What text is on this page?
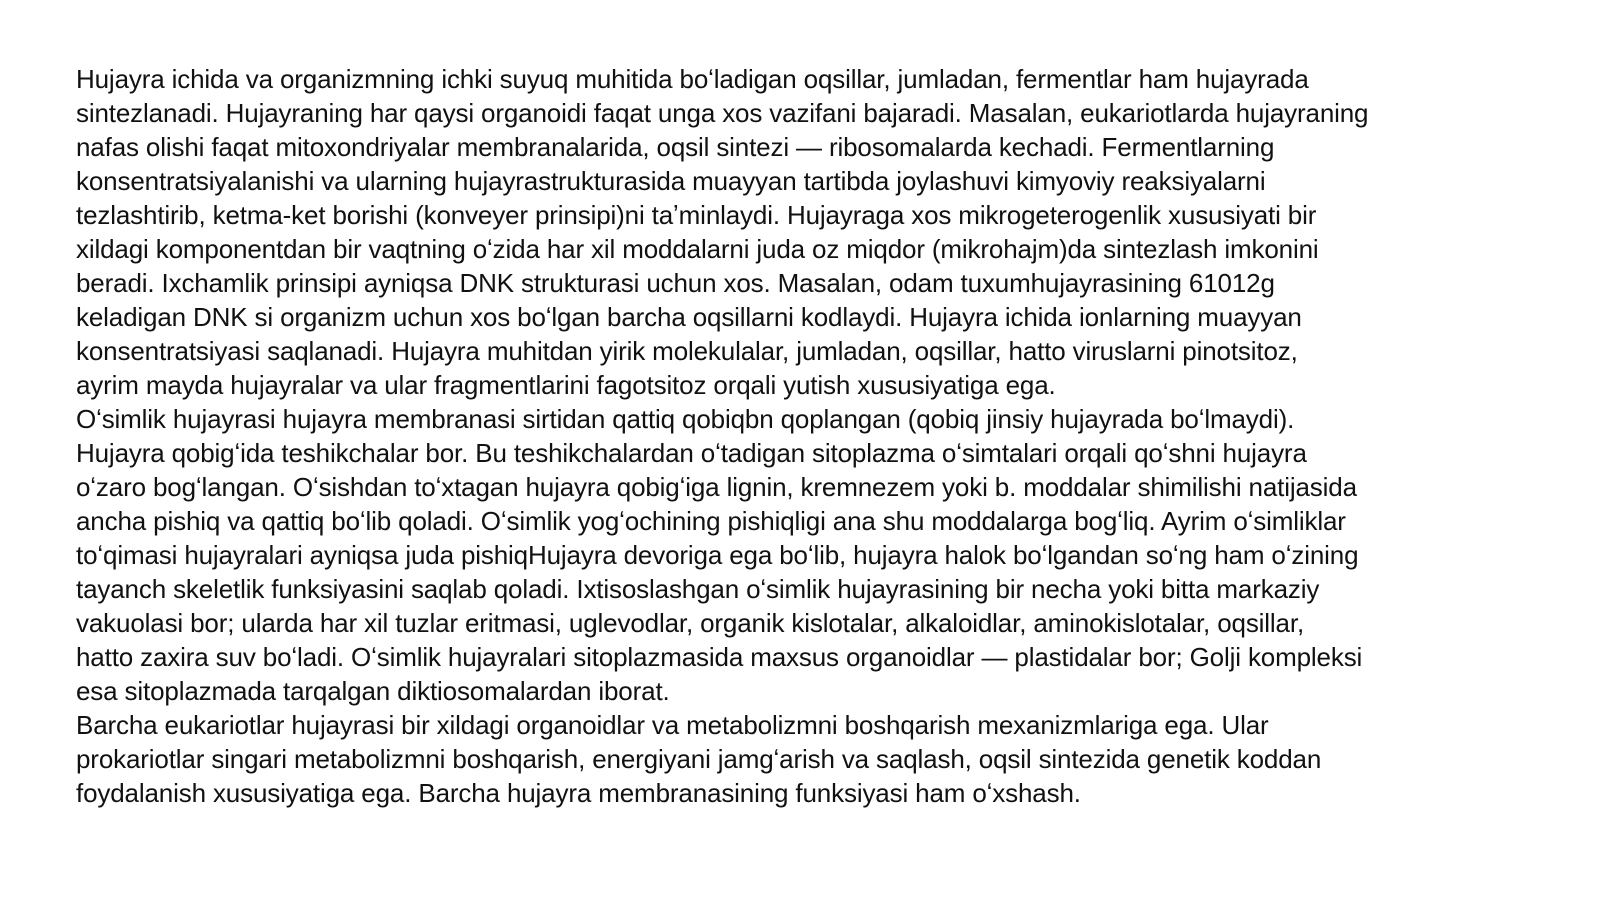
Hujayra ichida va organizmning ichki suyuq muhitida boʻladigan oqsillar, jumladan, fermentlar ham hujayrada
sintezlanadi. Hujayraning har qaysi organoidi faqat unga xos vazifani bajaradi. Masalan, eukariotlarda hujayraning
nafas olishi faqat mitoxondriyalar membranalarida, oqsil sintezi — ribosomalarda kechadi. Fermentlarning
konsentratsiyalanishi va ularning hujayrastrukturasida muayyan tartibda joylashuvi kimyoviy reaksiyalarni
tezlashtirib, ketma-ket borishi (konveyer prinsipi)ni taʼminlaydi. Hujayraga xos mikrogeterogenlik xususiyati bir
xildagi komponentdan bir vaqtning oʻzida har xil moddalarni juda oz miqdor (mikrohajm)da sintezlash imkonini
beradi. Ixchamlik prinsipi ayniqsa DNK strukturasi uchun xos. Masalan, odam tuxumhujayrasining 61012g
keladigan DNK si organizm uchun xos boʻlgan barcha oqsillarni kodlaydi. Hujayra ichida ionlarning muayyan
konsentratsiyasi saqlanadi. Hujayra muhitdan yirik molekulalar, jumladan, oqsillar, hatto viruslarni pinotsitoz,
ayrim mayda hujayralar va ular fragmentlarini fagotsitoz orqali yutish xususiyatiga ega.

Oʻsimlik hujayrasi hujayra membranasi sirtidan qattiq qobiqbn qoplangan (qobiq jinsiy hujayrada boʻlmaydi).
Hujayra qobigʻida teshikchalar bor. Bu teshikchalardan oʻtadigan sitoplazma oʻsimtalari orqali qoʻshni hujayra
oʻzaro bogʻlangan. Oʻsishdan toʻxtagan hujayra qobigʻiga lignin, kremnezem yoki b. moddalar shimilishi natijasida
ancha pishiq va qattiq boʻlib qoladi. Oʻsimlik yogʻochining pishiqligi ana shu moddalarga bogʻliq. Ayrim oʻsimliklar
toʻqimasi hujayralari ayniqsa juda pishiqHujayra devoriga ega boʻlib, hujayra halok boʻlgandan soʻng ham oʻzining
tayanch skeletlik funksiyasini saqlab qoladi. Ixtisoslashgan oʻsimlik hujayrasining bir necha yoki bitta markaziy
vakuolasi bor; ularda har xil tuzlar eritmasi, uglevodlar, organik kislotalar, alkaloidlar, aminokislotalar, oqsillar,
hatto zaxira suv boʻladi. Oʻsimlik hujayralari sitoplazmasida maxsus organoidlar — plastidalar bor; Golji kompleksi
esa sitoplazmada tarqalgan diktiosomalardan iborat.

Barcha eukariotlar hujayrasi bir xildagi organoidlar va metabolizmni boshqarish mexanizmlariga ega. Ular
prokariotlar singari metabolizmni boshqarish, energiyani jamgʻarish va saqlash, oqsil sintezida genetik koddan
foydalanish xususiyatiga ega. Barcha hujayra membranasining funksiyasi ham oʻxshash.
